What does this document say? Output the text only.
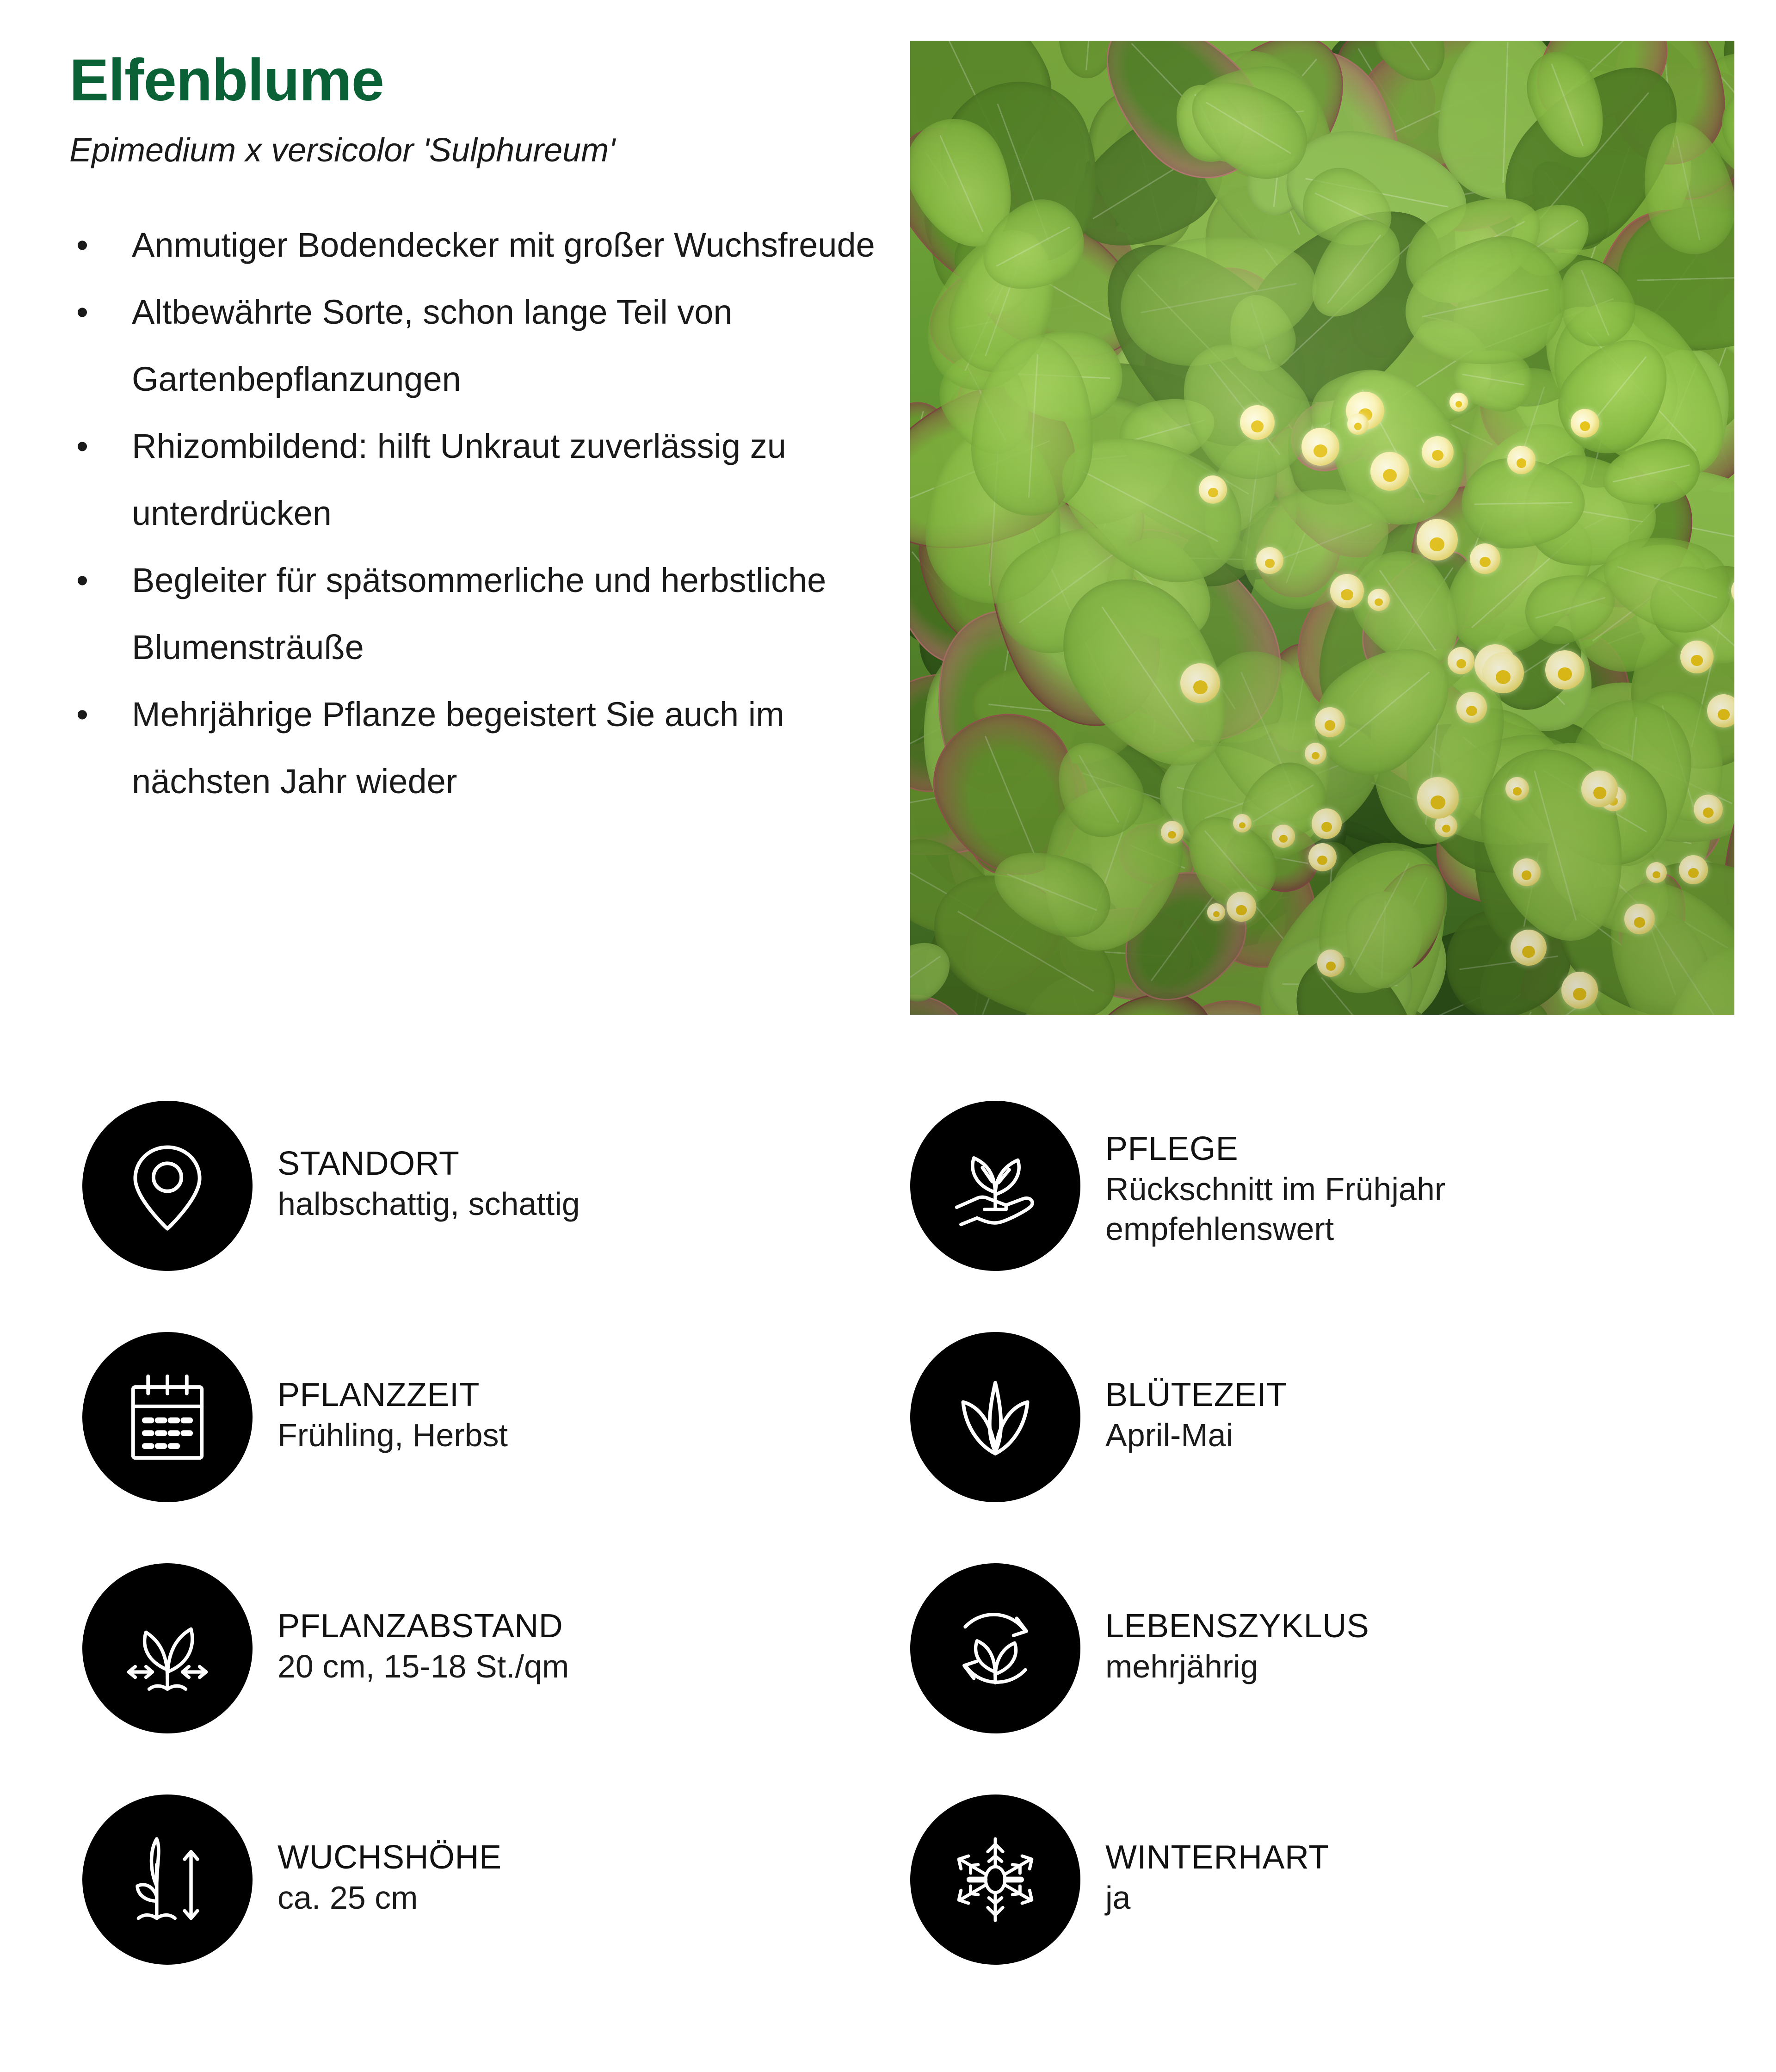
Elfenblume
Epimedium x versicolor 'Sulphureum'
• Anmutiger Bodendecker mit großer Wuchsfreude
• Altbewährte Sorte, schon lange Teil von Gartenbepflanzungen
• Rhizombildend: hilft Unkraut zuverlässig zu unterdrücken
• Begleiter für spätsommerliche und herbstliche Blumensträuße
• Mehrjährige Pflanze begeistert Sie auch im nächsten Jahr wieder
STANDORT
halbschattig, schattig
PFLANZZEIT
Frühling, Herbst
PFLANZABSTAND
20 cm, 15-18 St./qm
WUCHSHÖHE
ca. 25 cm
PFLEGE
Rückschnitt im Frühjahr
empfehlenswert
BLÜTEZEIT
April-Mai
LEBENSZYKLUS
mehrjährig
WINTERHART
ja
